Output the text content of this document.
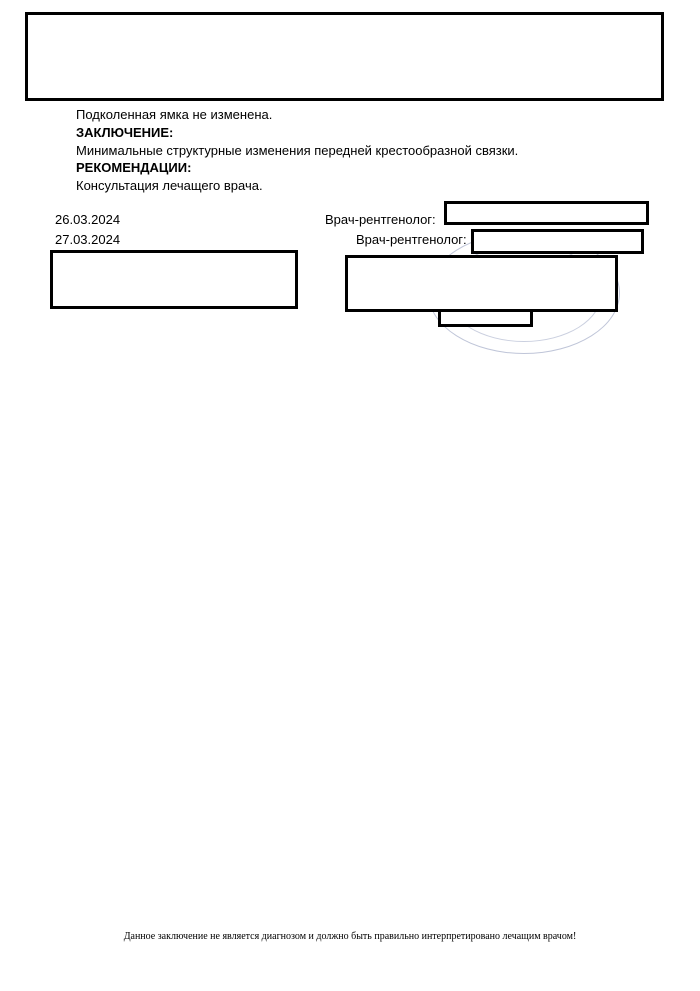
Подколенная ямка не изменена.
ЗАКЛЮЧЕНИЕ:
Минимальные структурные изменения передней крестообразной связки.
РЕКОМЕНДАЦИИ:
Консультация лечащего врача.
26.03.2024	Врач-рентгенолог:
27.03.2024	Врач-рентгенолог:
Данное заключение не является диагнозом и должно быть правильно интерпретировано лечащим врачом!
